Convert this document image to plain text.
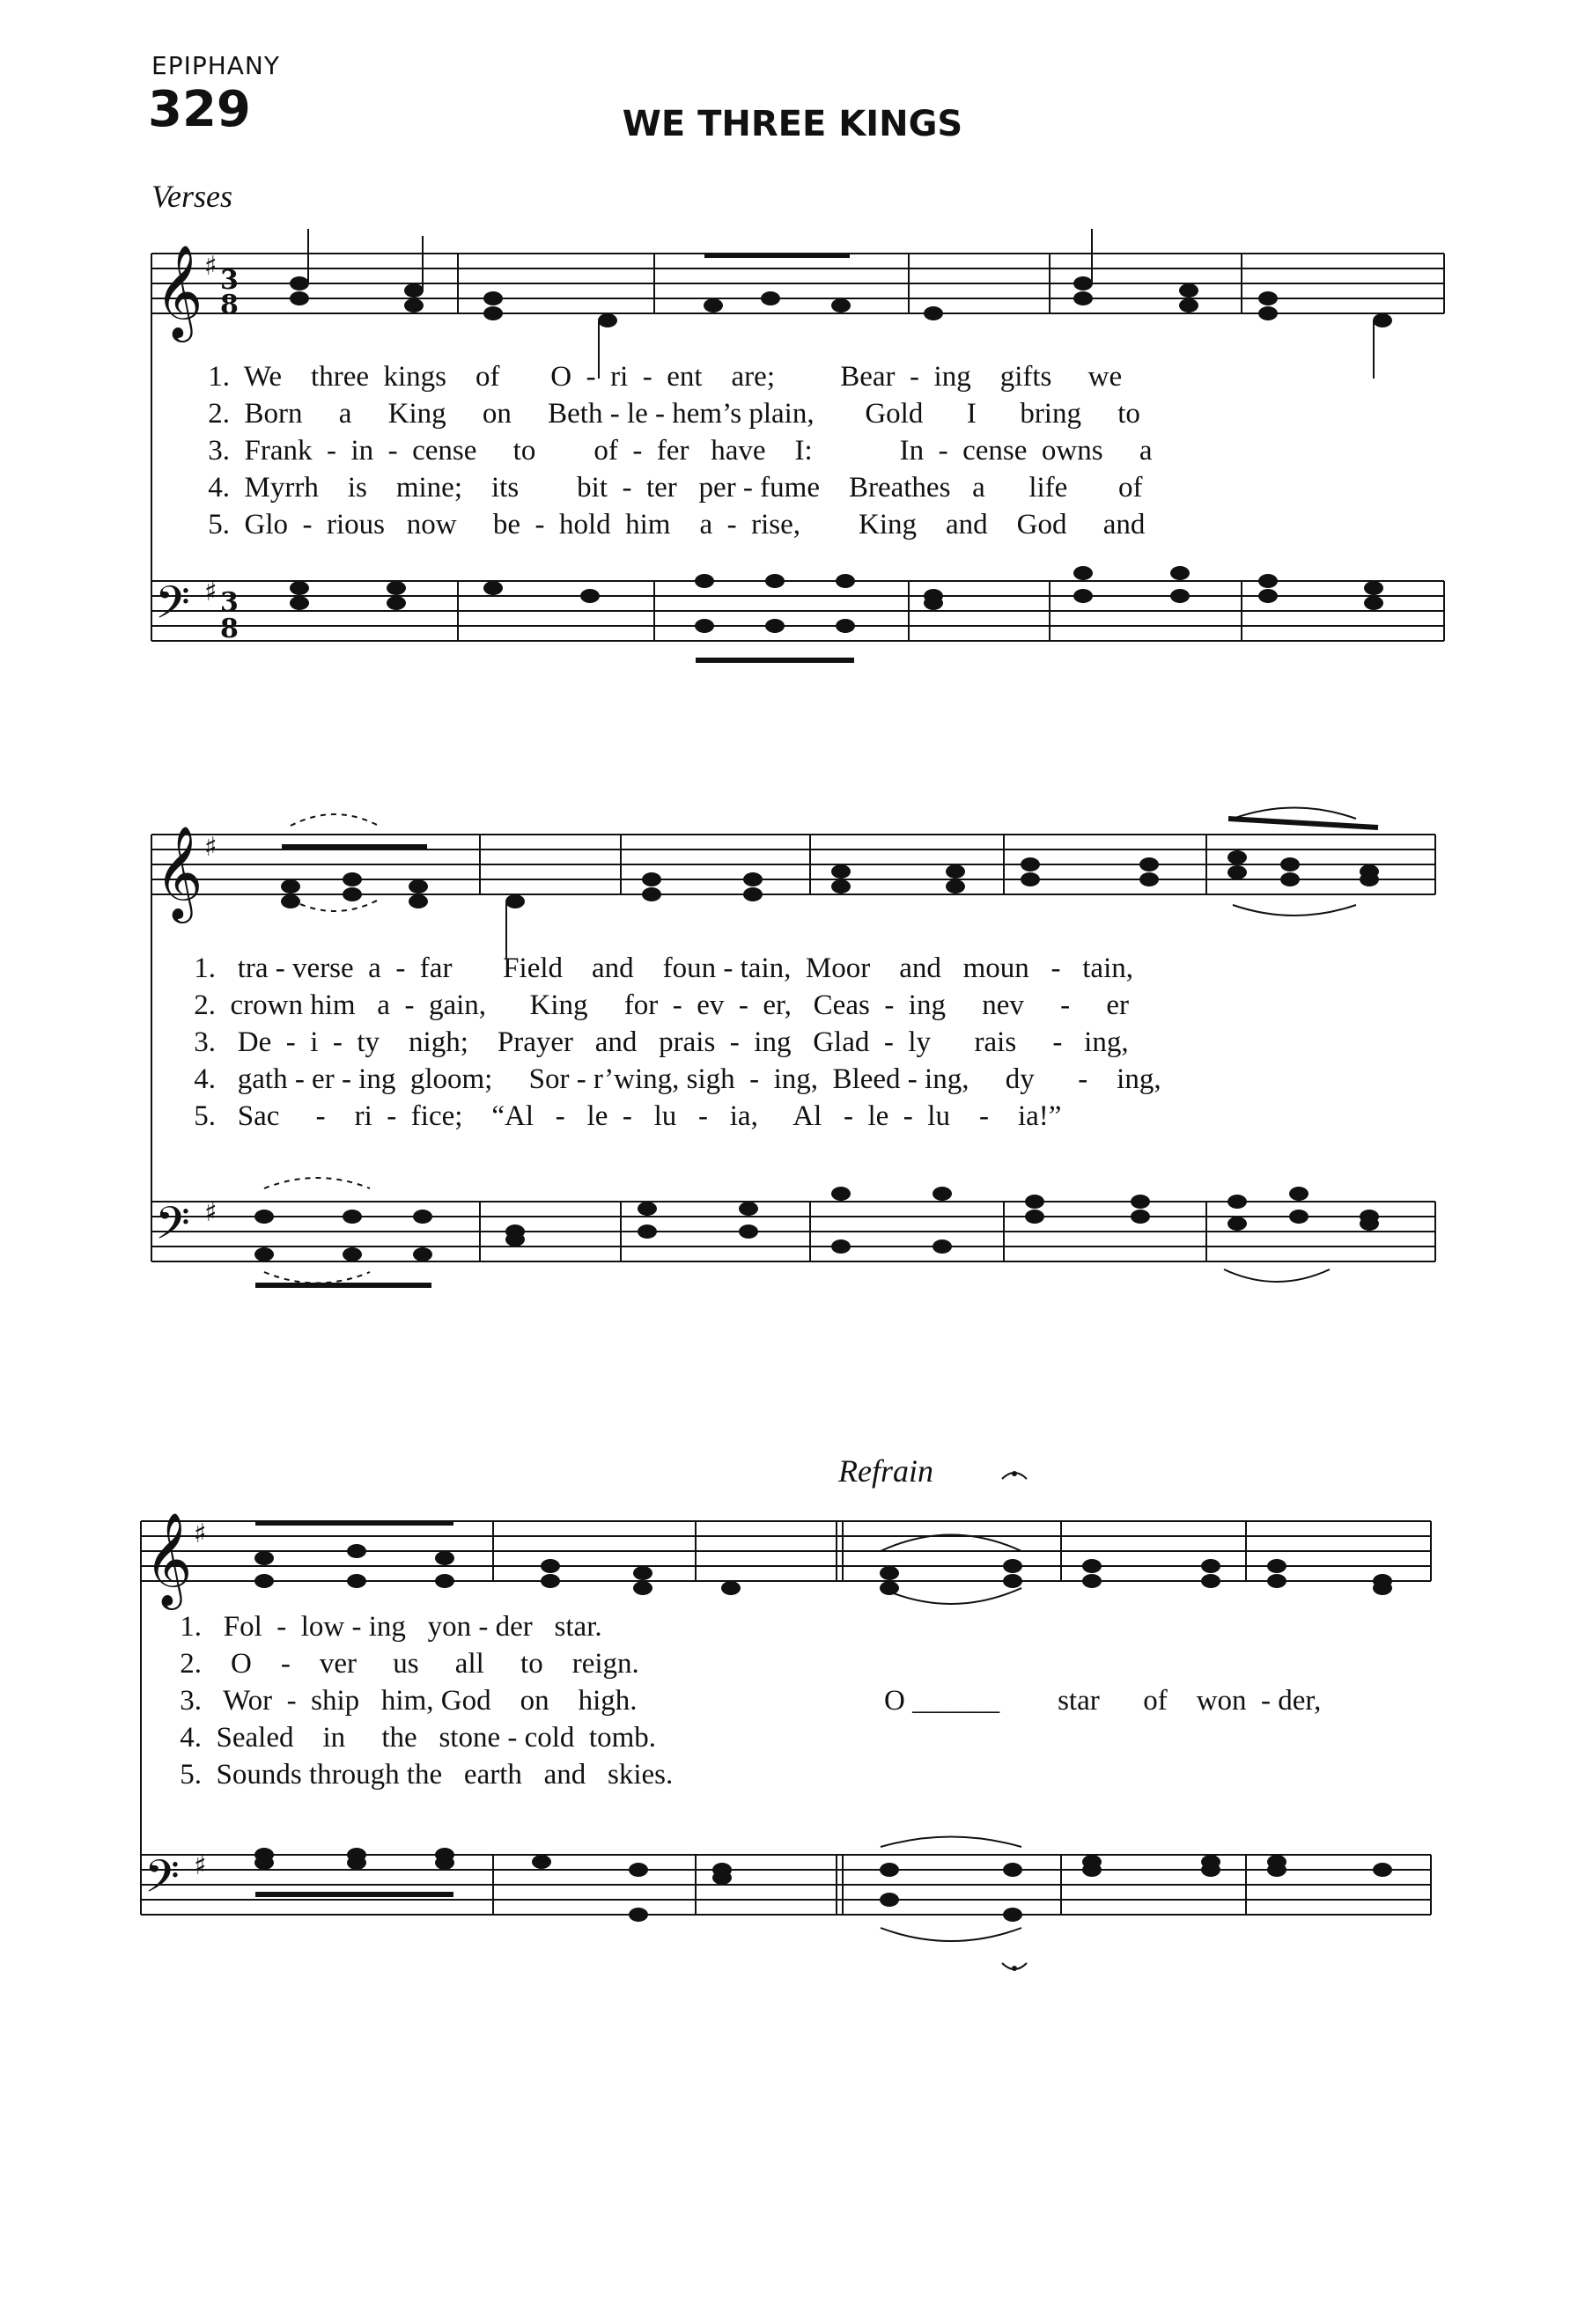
EPIPHANY
329	WE THREE KINGS
Verses
𝄞 ♯ 3
8
𝄢 ♯ 3
8
1.  We    three  kings    of       O  -  ri  -  ent    are;         Bear  -  ing    gifts     we
2.  Born     a     King     on     Beth - le - hem’s plain,       Gold      I      bring     to
3.  Frank  -  in  -  cense     to        of  -  fer   have    I:            In  -  cense  owns     a
4.  Myrrh    is    mine;    its        bit  -  ter   per - fume    Breathes   a      life       of
5.  Glo  -  rious   now     be  -  hold  him    a  -  rise,        King    and    God     and
𝄞 ♯
𝄢 ♯
1.   tra - verse  a  -  far       Field    and    foun - tain,  Moor    and   moun   -   tain,
2.  crown him   a  -  gain,      King     for  -  ev  -  er,   Ceas  -  ing     nev     -     er
3.   De  -  i  -  ty    nigh;    Prayer   and   prais  -  ing   Glad  -  ly      rais     -   ing,
4.   gath - er - ing  gloom;     Sor - r’wing, sigh  -  ing,  Bleed - ing,     dy      -    ing,
5.   Sac     -    ri  -  fice;    “Al   -   le  -   lu   -   ia,     Al   -  le  -  lu    -    ia!”
Refrain
𝄞 ♯
𝄢 ♯
1.   Fol  -  low - ing   yon - der   star.
2.    O    -    ver     us     all     to    reign.
3.   Wor  -  ship   him, God    on    high.
4.  Sealed    in     the   stone - cold  tomb.
5.  Sounds through the   earth   and   skies.
O ______        star      of    won  - der,
